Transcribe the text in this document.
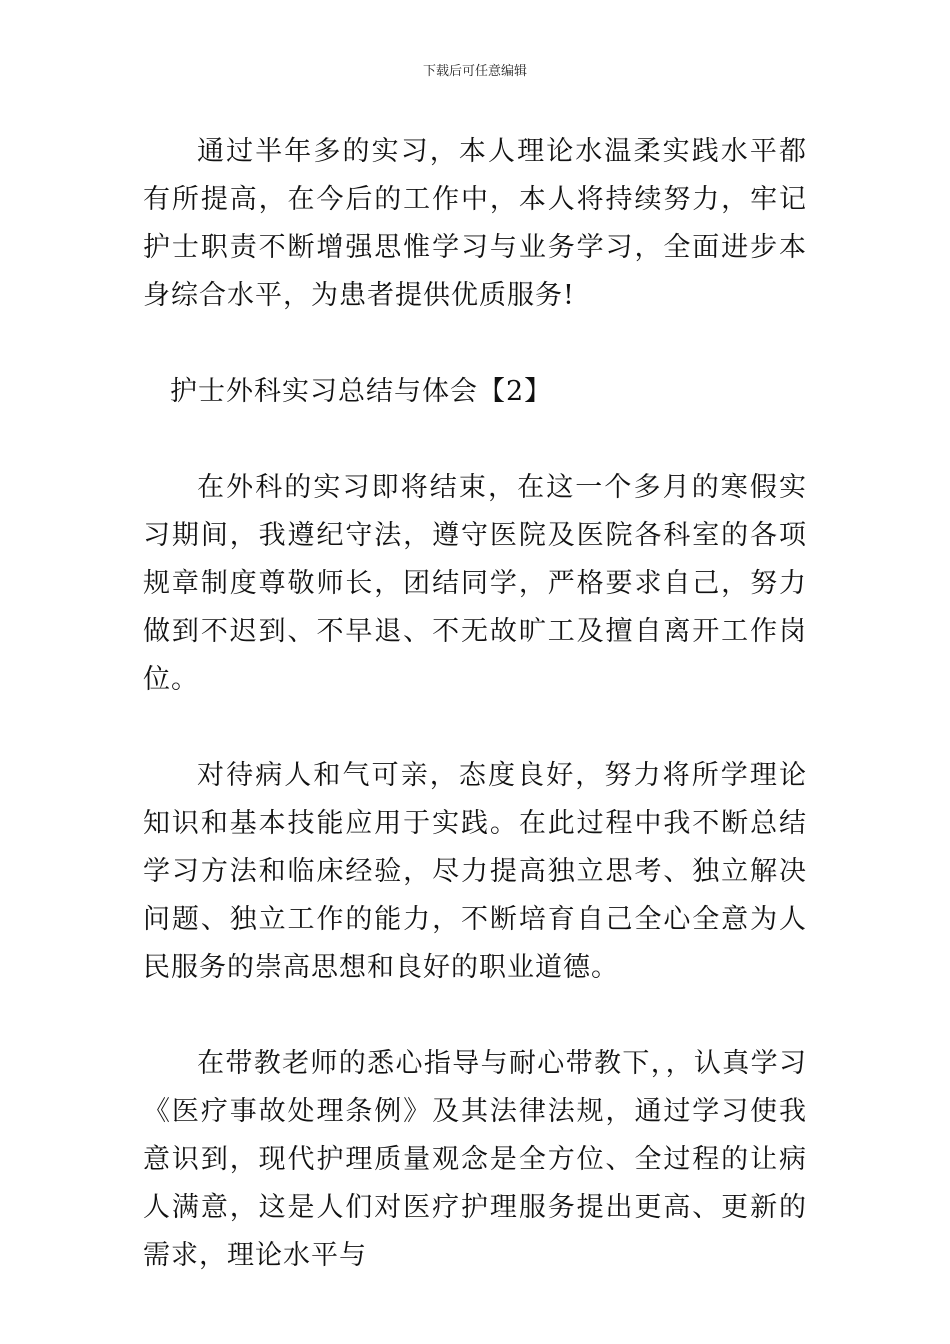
下载后可任意编辑

通过半年多的实习，本人理论水温柔实践水平都有所提高，在今后的工作中，本人将持续努力，牢记护士职责不断增强思惟学习与业务学习，全面进步本身综合水平，为患者提供优质服务!

护士外科实习总结与体会【2】

在外科的实习即将结束，在这一个多月的寒假实习期间，我遵纪守法，遵守医院及医院各科室的各项规章制度尊敬师长，团结同学，严格要求自己，努力做到不迟到、不早退、不无故旷工及擅自离开工作岗位。

对待病人和气可亲，态度良好，努力将所学理论知识和基本技能应用于实践。在此过程中我不断总结学习方法和临床经验，尽力提高独立思考、独立解决问题、独立工作的能力，不断培育自己全心全意为人民服务的崇高思想和良好的职业道德。

在带教老师的悉心指导与耐心带教下，，认真学习《医疗事故处理条例》及其法律法规，通过学习使我意识到，现代护理质量观念是全方位、全过程的让病人满意，这是人们对医疗护理服务提出更高、更新的需求，理论水平与
